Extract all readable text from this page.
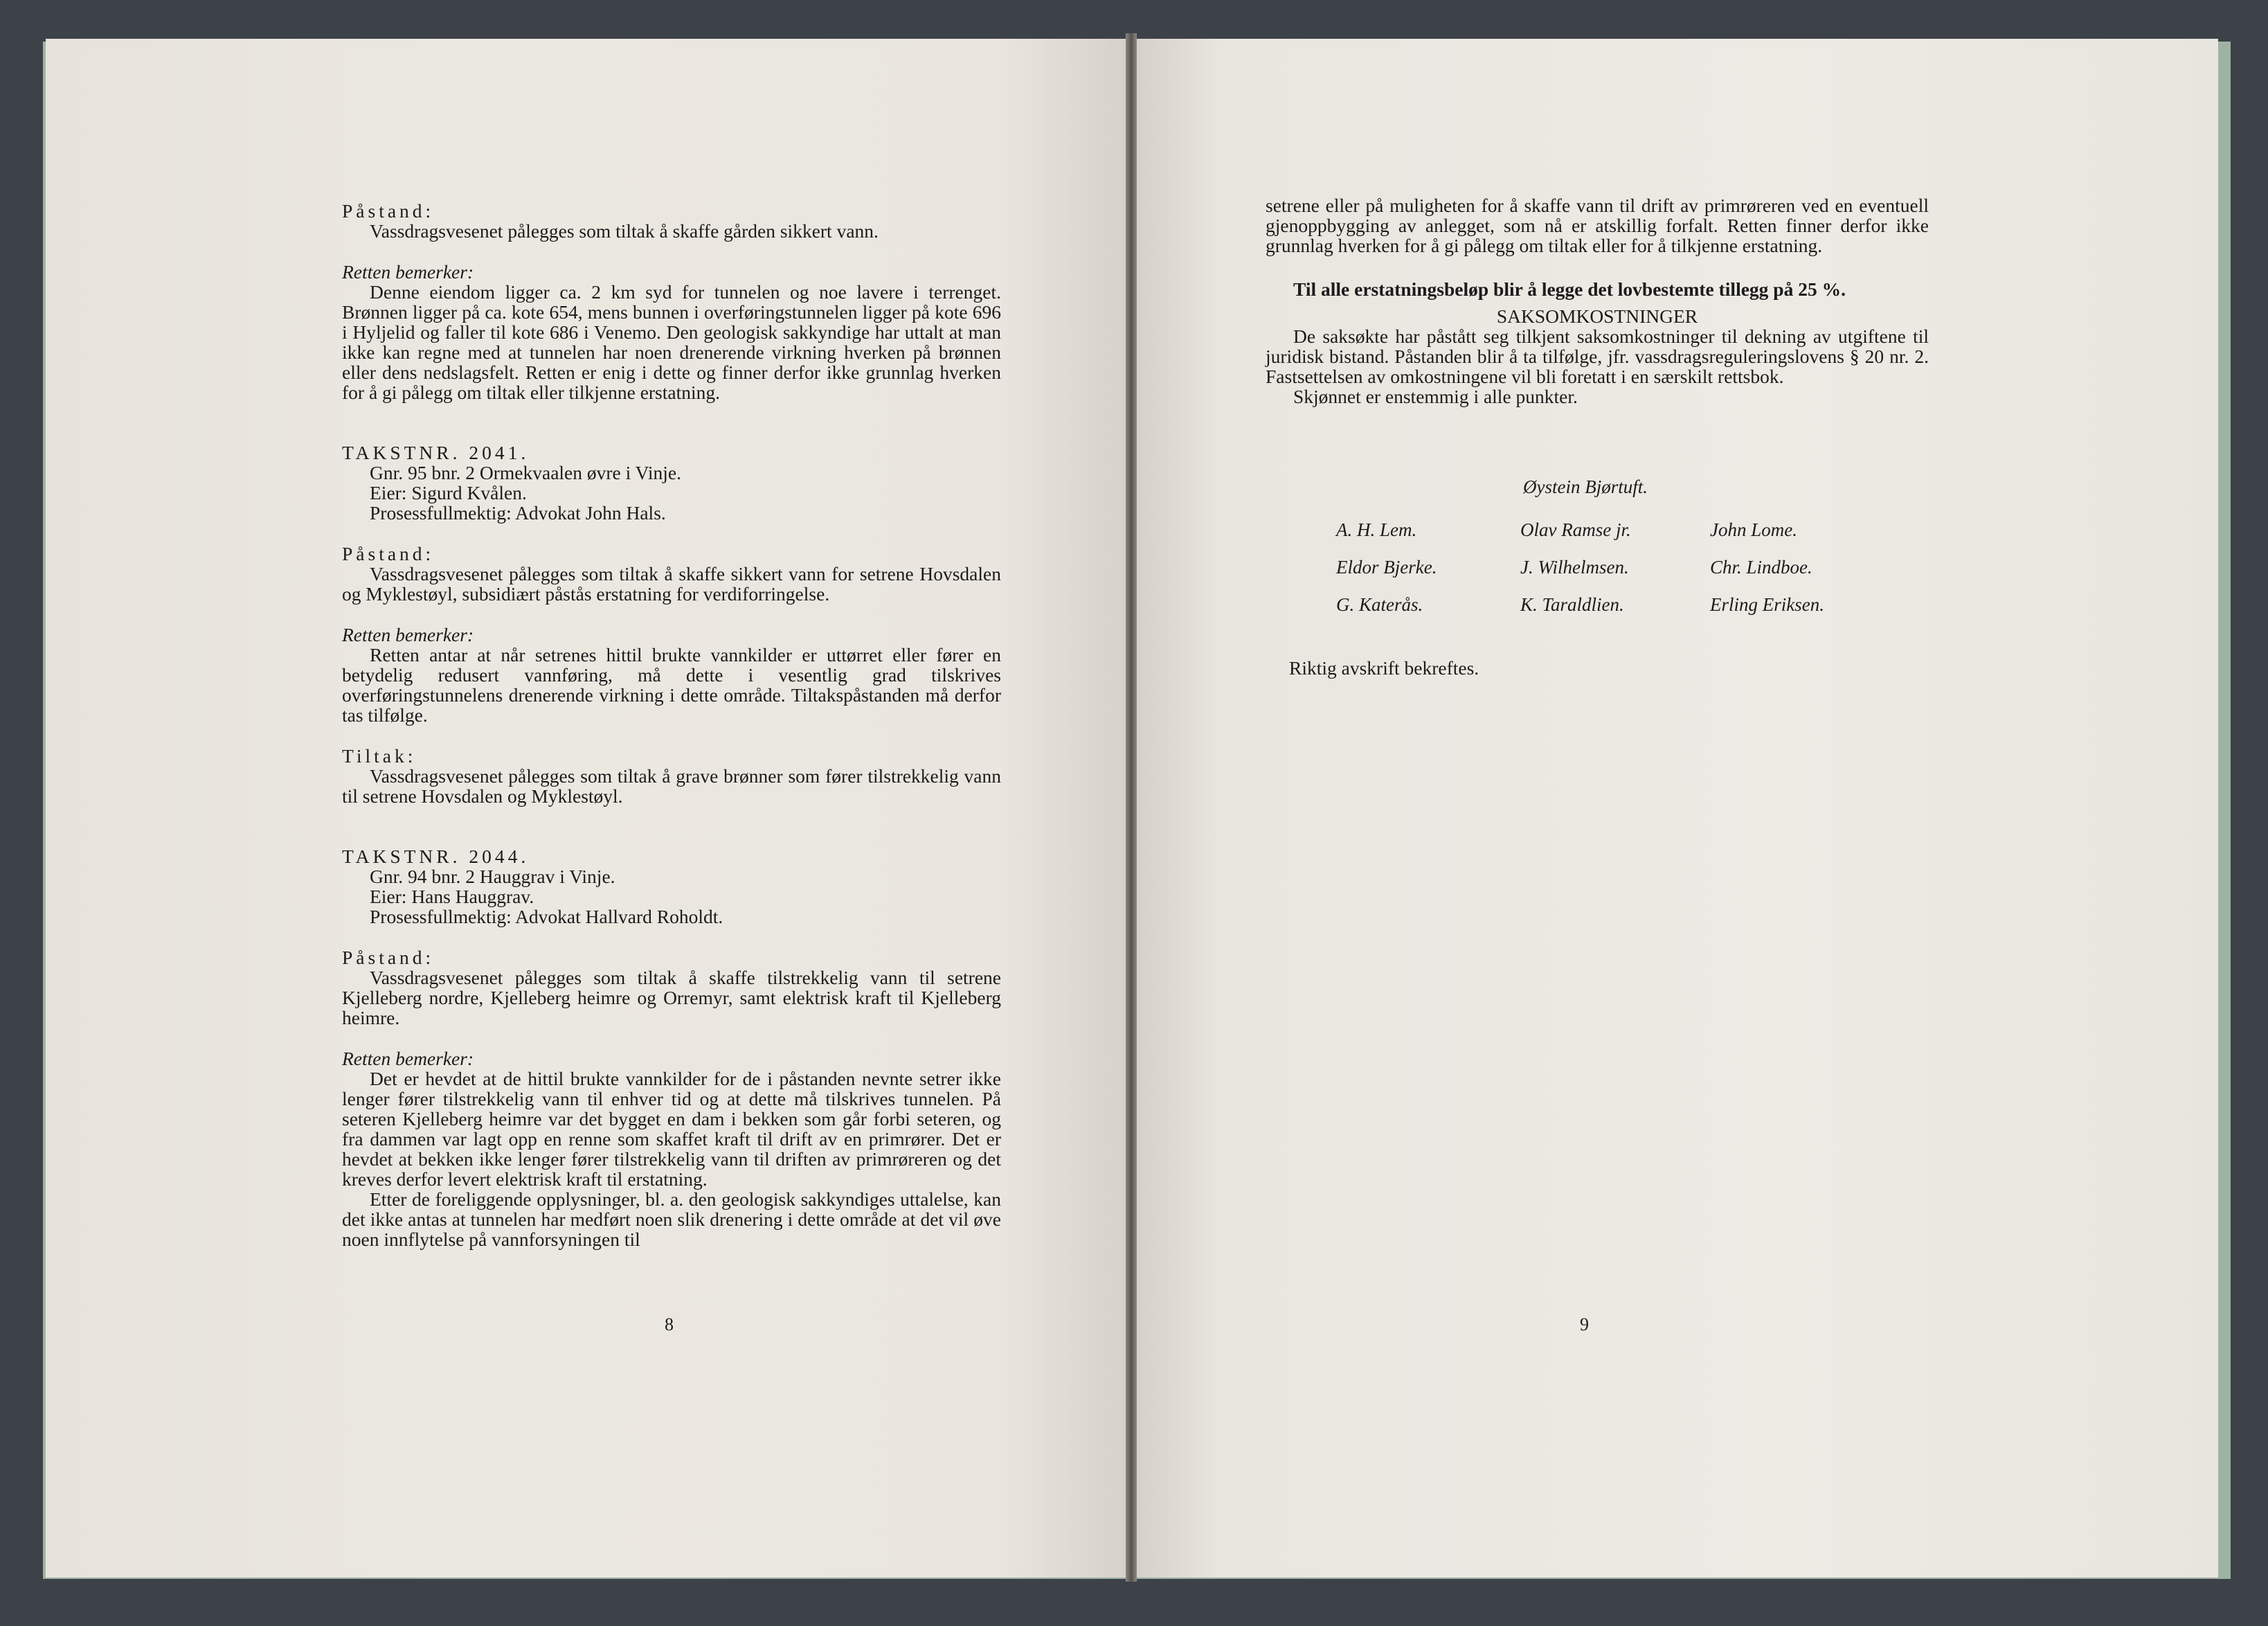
Påstand:

Vassdragsvesenet pålegges som tiltak å skaffe gården sikkert vann.

Retten bemerker:

Denne eiendom ligger ca. 2 km syd for tunnelen og noe lavere i terrenget. Brønnen ligger på ca. kote 654, mens bunnen i overføringstunnelen ligger på kote 696 i Hyljelid og faller til kote 686 i Venemo. Den geologisk sakkyndige har uttalt at man ikke kan regne med at tunnelen har noen drenerende virkning hverken på brønnen eller dens nedslagsfelt. Retten er enig i dette og finner derfor ikke grunnlag hverken for å gi pålegg om tiltak eller tilkjenne erstatning.

TAKSTNR. 2041.

Gnr. 95 bnr. 2 Ormekvaalen øvre i Vinje.

Eier: Sigurd Kvålen.

Prosessfullmektig: Advokat John Hals.

Påstand:

Vassdragsvesenet pålegges som tiltak å skaffe sikkert vann for setrene Hovsdalen og Myklestøyl, subsidiært påstås erstatning for verdiforringelse.

Retten bemerker:

Retten antar at når setrenes hittil brukte vannkilder er uttørret eller fører en betydelig redusert vannføring, må dette i vesentlig grad tilskrives overføringstunnelens drenerende virkning i dette område. Tiltakspåstanden må derfor tas tilfølge.

Tiltak:

Vassdragsvesenet pålegges som tiltak å grave brønner som fører tilstrekkelig vann til setrene Hovsdalen og Myklestøyl.

TAKSTNR. 2044.

Gnr. 94 bnr. 2 Hauggrav i Vinje.

Eier: Hans Hauggrav.

Prosessfullmektig: Advokat Hallvard Roholdt.

Påstand:

Vassdragsvesenet pålegges som tiltak å skaffe tilstrekkelig vann til setrene Kjelleberg nordre, Kjelleberg heimre og Orremyr, samt elektrisk kraft til Kjelleberg heimre.

Retten bemerker:

Det er hevdet at de hittil brukte vannkilder for de i påstanden nevnte setrer ikke lenger fører tilstrekkelig vann til enhver tid og at dette må tilskrives tunnelen. På seteren Kjelleberg heimre var det bygget en dam i bekken som går forbi seteren, og fra dammen var lagt opp en renne som skaffet kraft til drift av en primrører. Det er hevdet at bekken ikke lenger fører tilstrekkelig vann til driften av primrøreren og det kreves derfor levert elektrisk kraft til erstatning.

Etter de foreliggende opplysninger, bl. a. den geologisk sakkyndiges uttalelse, kan det ikke antas at tunnelen har medført noen slik drenering i dette område at det vil øve noen innflytelse på vannforsyningen til

8

setrene eller på muligheten for å skaffe vann til drift av primrøreren ved en eventuell gjenoppbygging av anlegget, som nå er atskillig forfalt. Retten finner derfor ikke grunnlag hverken for å gi pålegg om tiltak eller for å tilkjenne erstatning.

Til alle erstatningsbeløp blir å legge det lovbestemte tillegg på 25 %.

SAKSOMKOSTNINGER

De saksøkte har påstått seg tilkjent saksomkostninger til dekning av utgiftene til juridisk bistand. Påstanden blir å ta tilfølge, jfr. vassdragsreguleringslovens § 20 nr. 2. Fastsettelsen av omkostningene vil bli foretatt i en særskilt rettsbok.

Skjønnet er enstemmig i alle punkter.

Øystein Bjørtuft.
A. H. Lem.	Olav Ramse jr.	John Lome.
Eldor Bjerke.	J. Wilhelmsen.	Chr. Lindboe.
G. Katerås.	K. Taraldlien.	Erling Eriksen.

Riktig avskrift bekreftes.

9
